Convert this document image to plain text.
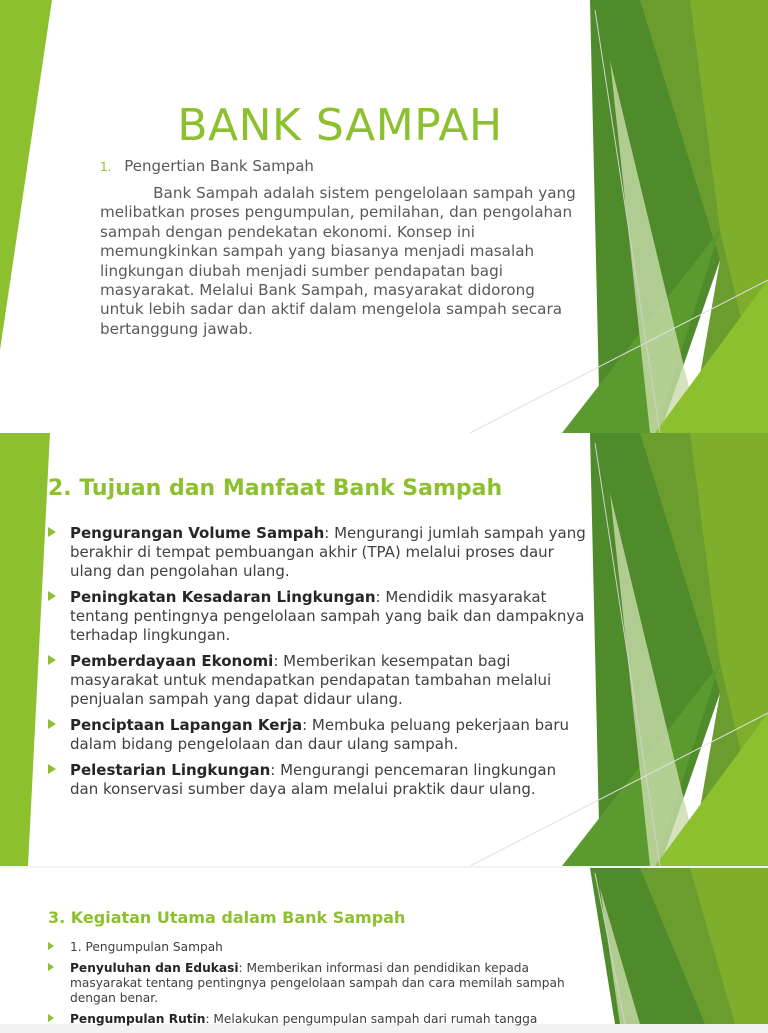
BANK SAMPAH
1. Pengertian Bank Sampah

Bank Sampah adalah sistem pengelolaan sampah yang melibatkan proses pengumpulan, pemilahan, dan pengolahan sampah dengan pendekatan ekonomi. Konsep ini memungkinkan sampah yang biasanya menjadi masalah lingkungan diubah menjadi sumber pendapatan bagi masyarakat. Melalui Bank Sampah, masyarakat didorong untuk lebih sadar dan aktif dalam mengelola sampah secara bertanggung jawab.

2. Tujuan dan Manfaat Bank Sampah
Pengurangan Volume Sampah: Mengurangi jumlah sampah yang berakhir di tempat pembuangan akhir (TPA) melalui proses daur ulang dan pengolahan ulang.
Peningkatan Kesadaran Lingkungan: Mendidik masyarakat tentang pentingnya pengelolaan sampah yang baik dan dampaknya terhadap lingkungan.
Pemberdayaan Ekonomi: Memberikan kesempatan bagi masyarakat untuk mendapatkan pendapatan tambahan melalui penjualan sampah yang dapat didaur ulang.
Penciptaan Lapangan Kerja: Membuka peluang pekerjaan baru dalam bidang pengelolaan dan daur ulang sampah.
Pelestarian Lingkungan: Mengurangi pencemaran lingkungan dan konservasi sumber daya alam melalui praktik daur ulang.
3. Kegiatan Utama dalam Bank Sampah
1. Pengumpulan Sampah
Penyuluhan dan Edukasi: Memberikan informasi dan pendidikan kepada masyarakat tentang pentingnya pengelolaan sampah dan cara memilah sampah dengan benar.
Pengumpulan Rutin: Melakukan pengumpulan sampah dari rumah tangga
